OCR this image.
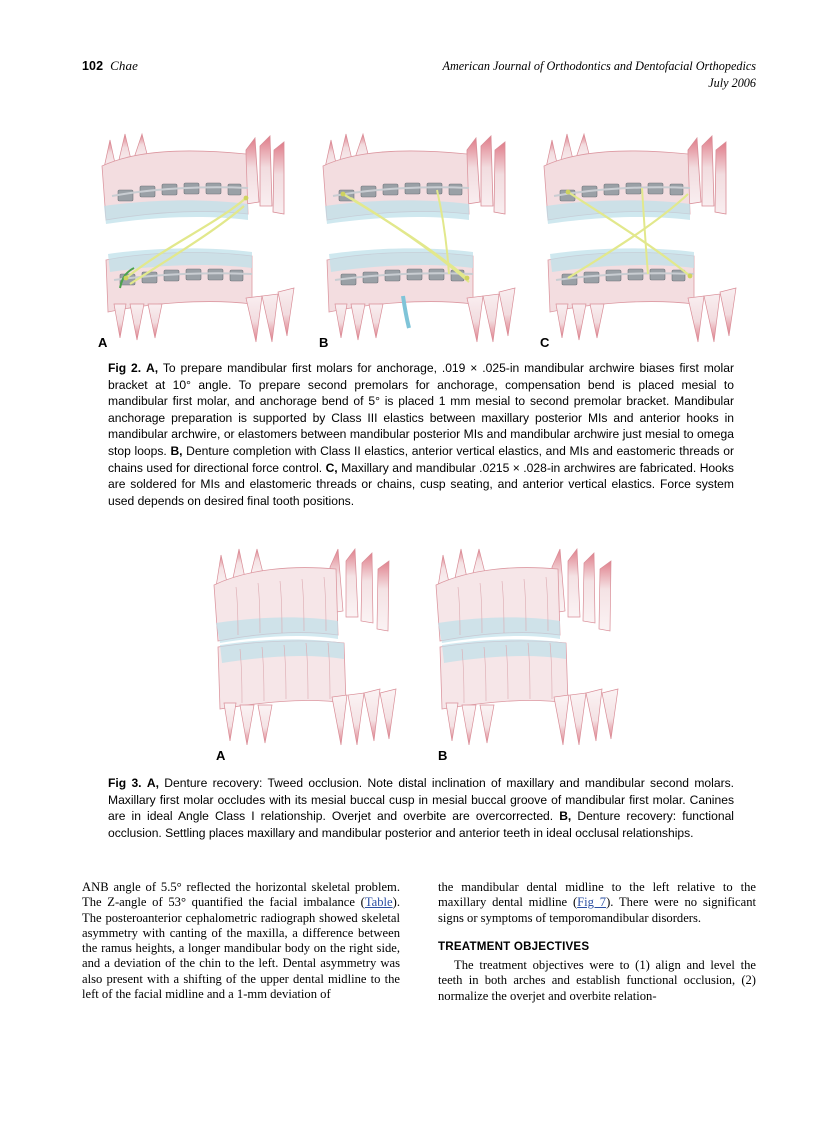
102 Chae	American Journal of Orthodontics and Dentofacial Orthopedics
July 2006
A	B	C
Fig 2. A, To prepare mandibular first molars for anchorage, .019 × .025-in mandibular archwire biases first molar bracket at 10° angle. To prepare second premolars for anchorage, compensation bend is placed mesial to mandibular first molar, and anchorage bend of 5° is placed 1 mm mesial to second premolar bracket. Mandibular anchorage preparation is supported by Class III elastics between maxillary posterior MIs and anterior hooks in mandibular archwire, or elastomers between mandibular posterior MIs and mandibular archwire just mesial to omega stop loops. B, Denture completion with Class II elastics, anterior vertical elastics, and MIs and eastomeric threads or chains used for directional force control. C, Maxillary and mandibular .0215 × .028-in archwires are fabricated. Hooks are soldered for MIs and elastomeric threads or chains, cusp seating, and anterior vertical elastics. Force system used depends on desired final tooth positions.
A	B
Fig 3. A, Denture recovery: Tweed occlusion. Note distal inclination of maxillary and mandibular second molars. Maxillary first molar occludes with its mesial buccal cusp in mesial buccal groove of mandibular first molar. Canines are in ideal Angle Class I relationship. Overjet and overbite are overcorrected. B, Denture recovery: functional occlusion. Settling places maxillary and mandibular posterior and anterior teeth in ideal occlusal relationships.

ANB angle of 5.5° reflected the horizontal skeletal problem. The Z-angle of 53° quantified the facial imbalance (Table). The posteroanterior cephalometric radiograph showed skeletal asymmetry with canting of the maxilla, a difference between the ramus heights, a longer mandibular body on the right side, and a deviation of the chin to the left. Dental asymmetry was also present with a shifting of the upper dental midline to the left of the facial midline and a 1-mm deviation of

the mandibular dental midline to the left relative to the maxillary dental midline (Fig 7). There were no significant signs or symptoms of temporomandibular disorders.

TREATMENT OBJECTIVES

The treatment objectives were to (1) align and level the teeth in both arches and establish functional occlusion, (2) normalize the overjet and overbite relation-
